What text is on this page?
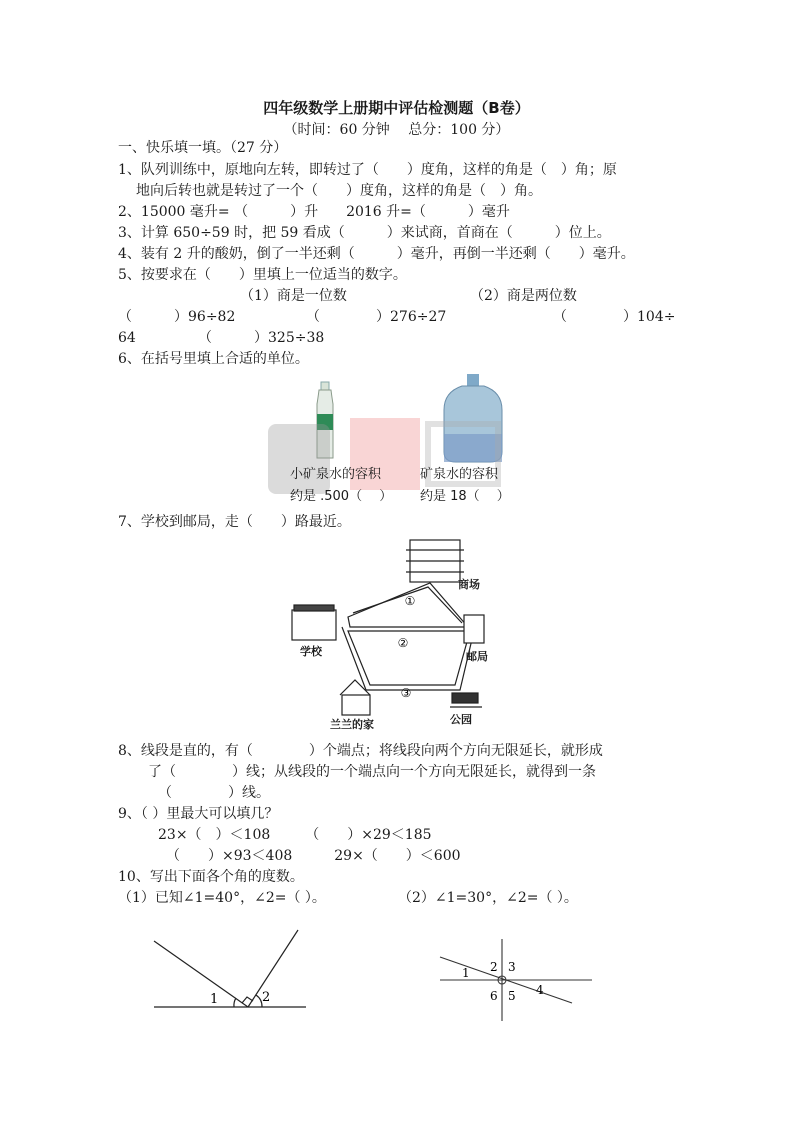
四年级数学上册期中评估检测题（B卷）
（时间：60 分钟　 总分：100 分）
一、快乐填一填。（27 分）
1、队列训练中，原地向左转，即转过了（　　）度角，这样的角是（　）角；原
地向后转也就是转过了一个（　　）度角，这样的角是（　）角。
2、15000 毫升= （　　　）升　　2016 升=（　　　）毫升
3、计算 650÷59 时，把 59 看成（　　　）来试商，首商在（　　　）位上。
4、装有 2 升的酸奶，倒了一半还剩（　　　）毫升，再倒一半还剩（　　）毫升。
5、按要求在（　　）里填上一位适当的数字。
（1）商是一位数	（2）商是两位数
（　　　）96÷82	（　　　　）276÷27	（　　　　）104÷
64	（　　　）325÷38
6、在括号里填上合适的单位。
小矿泉水的容积
约是 .500（　 ）
矿泉水的容积
约是 18（　 ）
7、学校到邮局，走（　　）路最近。
①
②
③
商场
学校	邮局
兰兰的家	公园
8、线段是直的，有（　　　　）个端点；将线段向两个方向无限延长，就形成
了（　　　　）线；从线段的一个端点向一个方向无限延长，就得到一条
（　　　　）线。
9、（ ）里最大可以填几？
23×（　）＜108　　　（　　）×29＜185
（　　）×93＜408　　　29×（　　）＜600
10、写出下面各个角的度数。
（1）已知∠1=40°，∠2=（ ）。	（2）∠1=30°，∠2=（ ）。
1	2
1 2 3
4
5
6
